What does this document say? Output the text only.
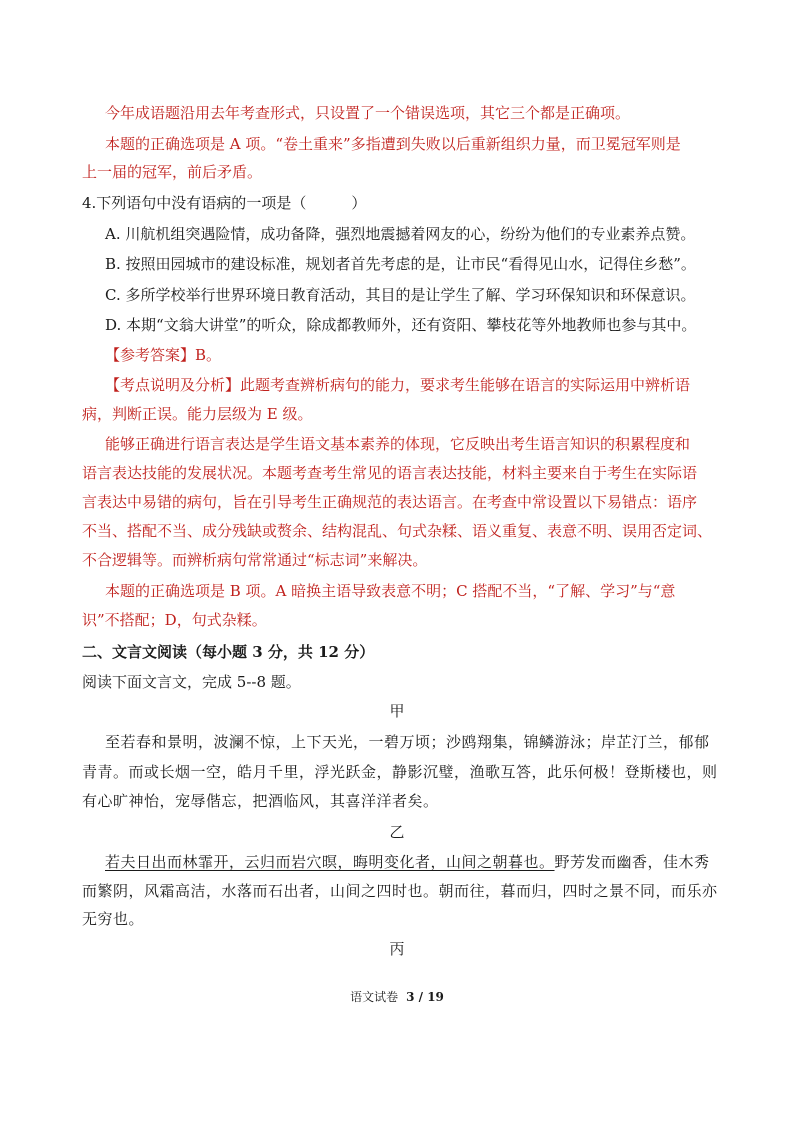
今年成语题沿用去年考查形式，只设置了一个错误选项，其它三个都是正确项。
本题的正确选项是 A 项。“卷土重来”多指遭到失败以后重新组织力量，而卫冕冠军则是
上一届的冠军，前后矛盾。
4.下列语句中没有语病的一项是（　　　）
A. 川航机组突遇险情，成功备降，强烈地震撼着网友的心，纷纷为他们的专业素养点赞。
B. 按照田园城市的建设标准，规划者首先考虑的是，让市民“看得见山水，记得住乡愁”。
C. 多所学校举行世界环境日教育活动，其目的是让学生了解、学习环保知识和环保意识。
D. 本期“文翁大讲堂”的听众，除成都教师外，还有资阳、攀枝花等外地教师也参与其中。
【参考答案】B。
【考点说明及分析】此题考查辨析病句的能力，要求考生能够在语言的实际运用中辨析语
病，判断正误。能力层级为 E 级。
能够正确进行语言表达是学生语文基本素养的体现，它反映出考生语言知识的积累程度和
语言表达技能的发展状况。本题考查考生常见的语言表达技能，材料主要来自于考生在实际语
言表达中易错的病句，旨在引导考生正确规范的表达语言。在考查中常设置以下易错点：语序
不当、搭配不当、成分残缺或赘余、结构混乱、句式杂糅、语义重复、表意不明、误用否定词、
不合逻辑等。而辨析病句常常通过“标志词”来解决。
本题的正确选项是 B 项。A 暗换主语导致表意不明；C 搭配不当，“了解、学习”与“意
识”不搭配；D，句式杂糅。
二、文言文阅读（每小题 3 分，共 12 分）
阅读下面文言文，完成 5--8 题。
甲
至若春和景明，波澜不惊，上下天光，一碧万顷；沙鸥翔集，锦鳞游泳；岸芷汀兰，郁郁
青青。而或长烟一空，皓月千里，浮光跃金，静影沉璧，渔歌互答，此乐何极！登斯楼也，则
有心旷神怡，宠辱偕忘，把酒临风，其喜洋洋者矣。
乙
若夫日出而林霏开，云归而岩穴暝，晦明变化者，山间之朝暮也。野芳发而幽香，佳木秀
而繁阴，风霜高洁，水落而石出者，山间之四时也。朝而往，暮而归，四时之景不同，而乐亦
无穷也。
丙
语文试卷 3 / 19
